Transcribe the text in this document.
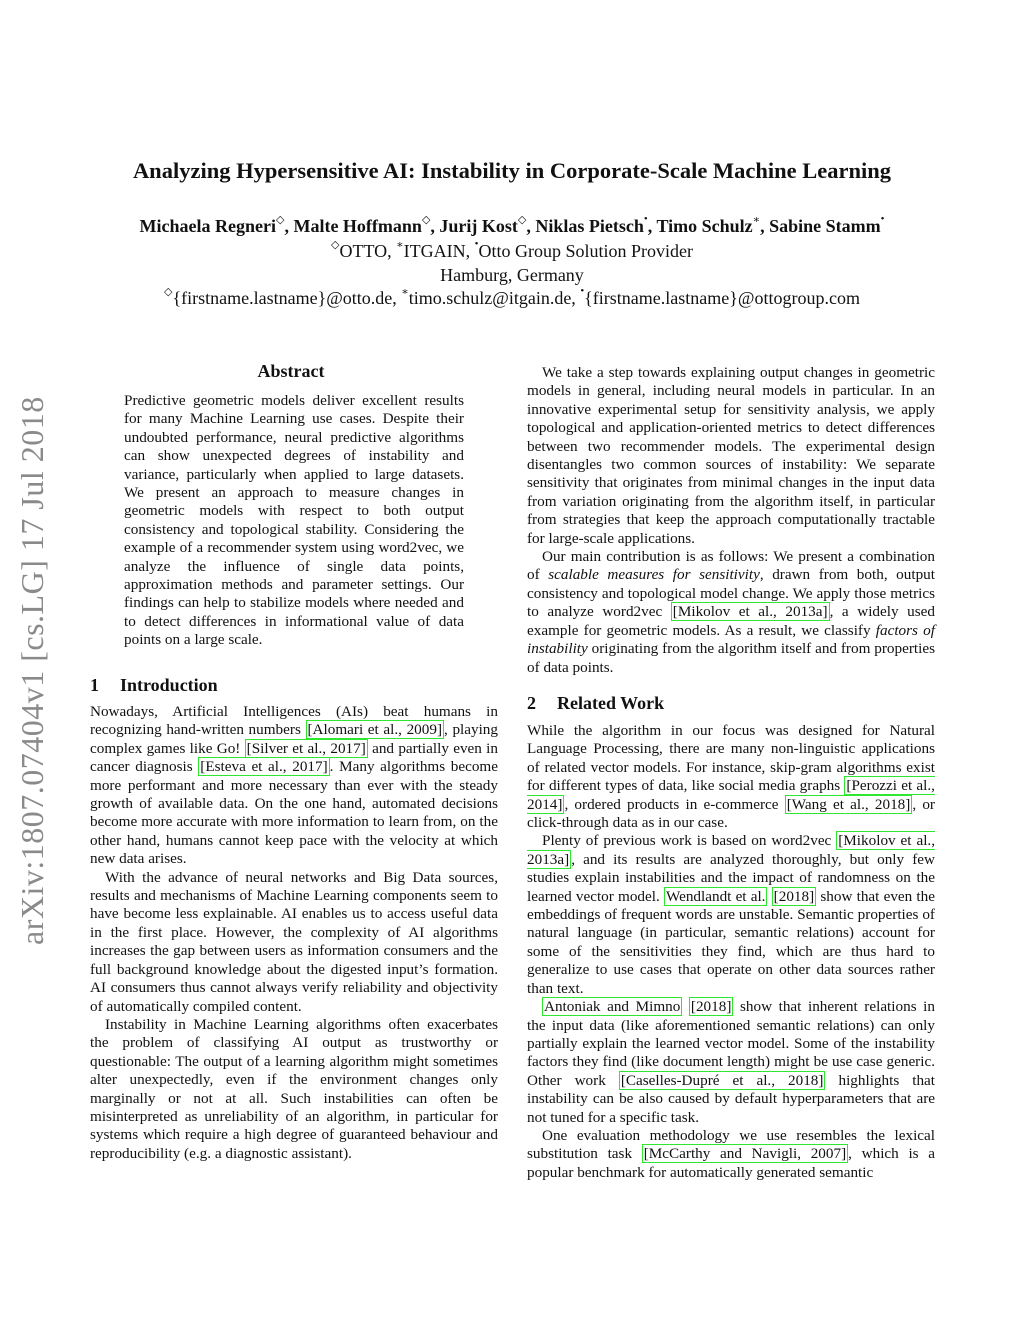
arXiv:1807.07404v1 [cs.LG] 17 Jul 2018
Analyzing Hypersensitive AI: Instability in Corporate-Scale Machine Learning
Michaela Regneri◇, Malte Hoffmann◇, Jurij Kost◇, Niklas Pietsch•, Timo Schulz∗, Sabine Stamm•
◇OTTO, ∗ITGAIN, •Otto Group Solution Provider
Hamburg, Germany
◇{firstname.lastname}@otto.de, ∗timo.schulz@itgain.de, •{firstname.lastname}@ottogroup.com
Abstract

Predictive geometric models deliver excellent results for many Machine Learning use cases. Despite their undoubted performance, neural predictive algorithms can show unexpected degrees of instability and variance, particularly when applied to large datasets. We present an approach to measure changes in geometric models with respect to both output consistency and topological stability. Considering the example of a recommender system using word2vec, we analyze the influence of single data points, approximation methods and parameter settings. Our findings can help to stabilize models where needed and to detect differences in informational value of data points on a large scale.

1 Introduction

Nowadays, Artificial Intelligences (AIs) beat humans in recognizing hand-written numbers [Alomari et al., 2009] , playing complex games like Go! [Silver et al., 2017] and partially even in cancer diagnosis [Esteva et al., 2017] . Many algorithms become more performant and more necessary than ever with the steady growth of available data. On the one hand, automated decisions become more accurate with more information to learn from, on the other hand, humans cannot keep pace with the velocity at which new data arises.

With the advance of neural networks and Big Data sources, results and mechanisms of Machine Learning components seem to have become less explainable. AI enables us to access useful data in the first place. However, the complexity of AI algorithms increases the gap between users as information consumers and the full background knowledge about the digested input’s formation. AI consumers thus cannot always verify reliability and objectivity of automatically compiled content.

Instability in Machine Learning algorithms often exacerbates the problem of classifying AI output as trustworthy or questionable: The output of a learning algorithm might sometimes alter unexpectedly, even if the environment changes only marginally or not at all. Such instabilities can often be misinterpreted as unreliability of an algorithm, in particular for systems which require a high degree of guaranteed behaviour and reproducibility (e.g. a diagnostic assistant).

We take a step towards explaining output changes in geometric models in general, including neural models in particular. In an innovative experimental setup for sensitivity analysis, we apply topological and application-oriented metrics to detect differences between two recommender models. The experimental design disentangles two common sources of instability: We separate sensitivity that originates from minimal changes in the input data from variation originating from the algorithm itself, in particular from strategies that keep the approach computationally tractable for large-scale applications.

Our main contribution is as follows: We present a combination of scalable measures for sensitivity, drawn from both, output consistency and topological model change. We apply those metrics to analyze word2vec [Mikolov et al., 2013a] , a widely used example for geometric models. As a result, we classify factors of instability originating from the algorithm itself and from properties of data points.

2 Related Work

While the algorithm in our focus was designed for Natural Language Processing, there are many non-linguistic applications of related vector models. For instance, skip-gram algorithms exist for different types of data, like social media graphs [Perozzi et al., 2014] , ordered products in e-commerce [Wang et al., 2018] , or click-through data as in our case.

Plenty of previous work is based on word2vec [Mikolov et al., 2013a] , and its results are analyzed thoroughly, but only few studies explain instabilities and the impact of randomness on the learned vector model. Wendlandt et al. [2018] show that even the embeddings of frequent words are unstable. Semantic properties of natural language (in particular, semantic relations) account for some of the sensitivities they find, which are thus hard to generalize to use cases that operate on other data sources rather than text.

Antoniak and Mimno [2018] show that inherent relations in the input data (like aforementioned semantic relations) can only partially explain the learned vector model. Some of the instability factors they find (like document length) might be use case generic. Other work [Caselles-Dupré et al., 2018] highlights that instability can be also caused by default hyperparameters that are not tuned for a specific task.

One evaluation methodology we use resembles the lexical substitution task [McCarthy and Navigli, 2007] , which is a popular benchmark for automatically generated semantic
